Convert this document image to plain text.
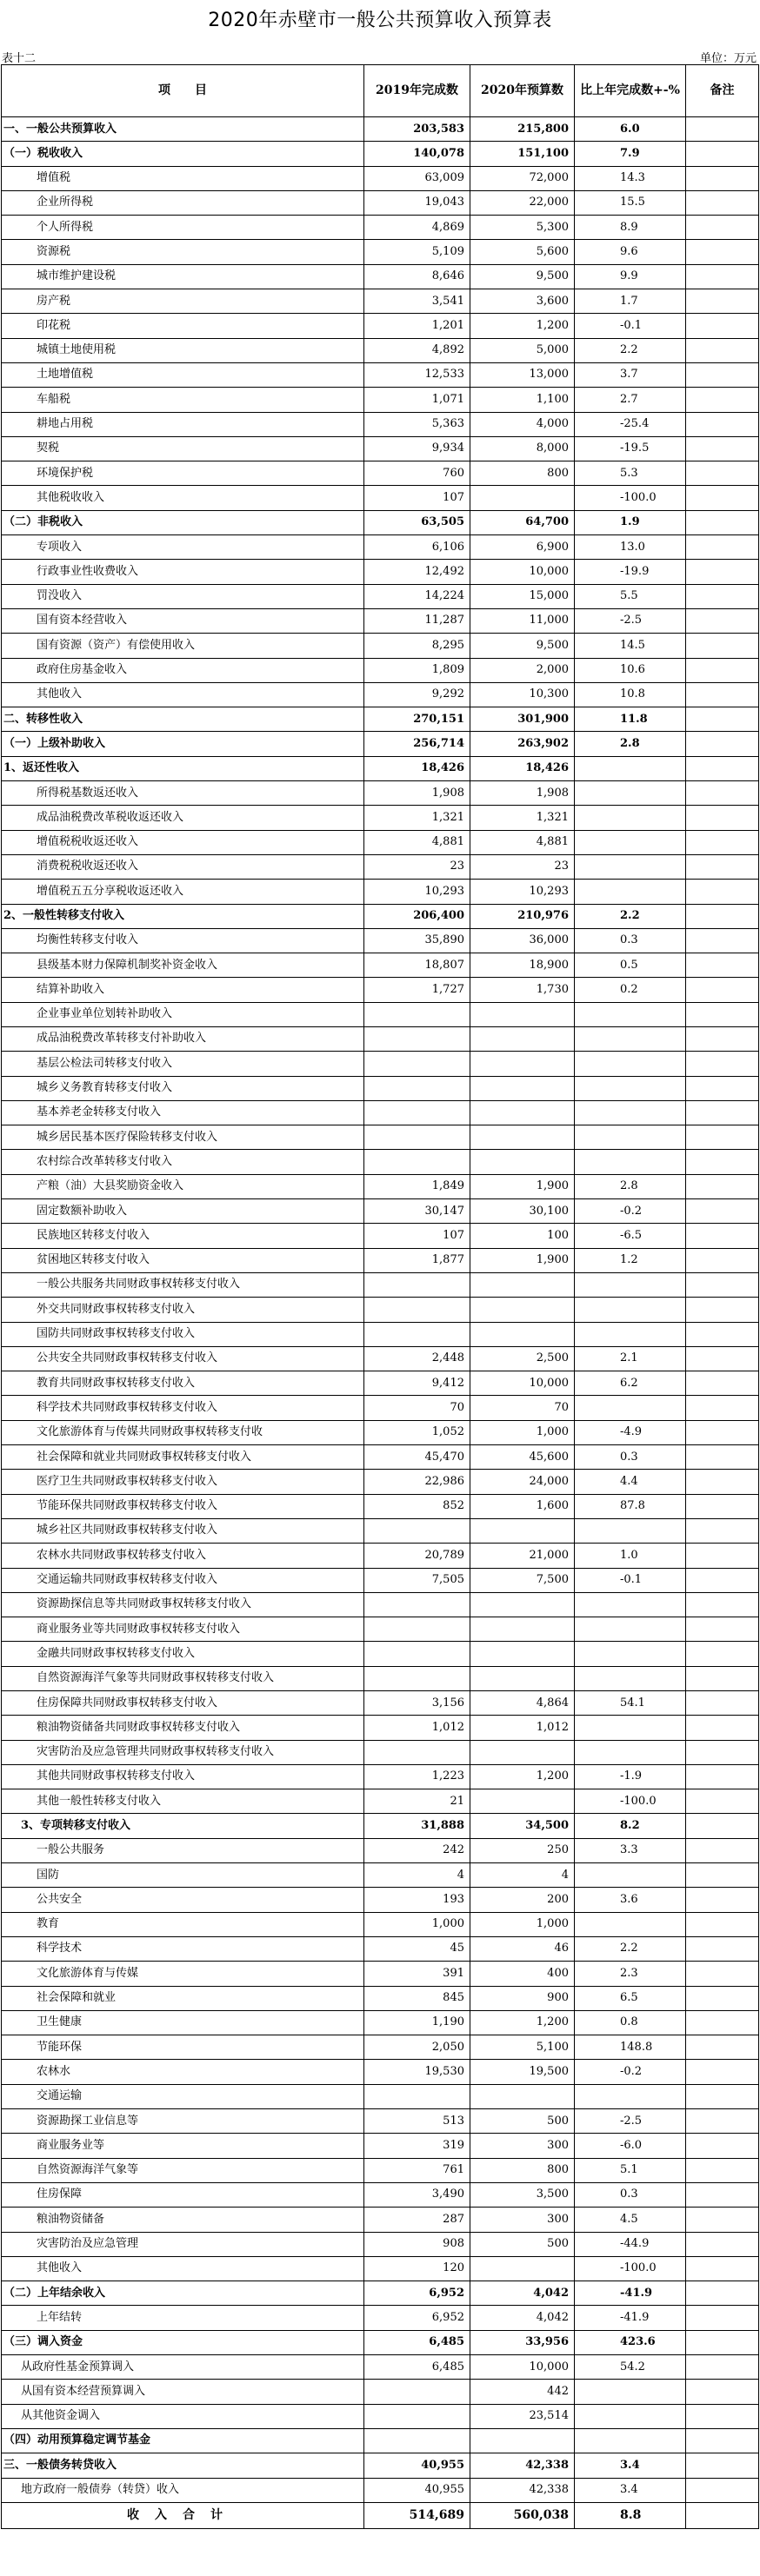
2020年赤壁市一般公共预算收入预算表
表十二	单位：万元
项目	2019年完成数	2020年预算数	比上年完成数+-%	备注
一、一般公共预算收入	203,583	215,800	6.0	
（一）税收收入	140,078	151,100	7.9	
增值税	63,009	72,000	14.3	
企业所得税	19,043	22,000	15.5	
个人所得税	4,869	5,300	8.9	
资源税	5,109	5,600	9.6	
城市维护建设税	8,646	9,500	9.9	
房产税	3,541	3,600	1.7	
印花税	1,201	1,200	-0.1	
城镇土地使用税	4,892	5,000	2.2	
土地增值税	12,533	13,000	3.7	
车船税	1,071	1,100	2.7	
耕地占用税	5,363	4,000	-25.4	
契税	9,934	8,000	-19.5	
环境保护税	760	800	5.3	
其他税收收入	107		-100.0	
（二）非税收入	63,505	64,700	1.9	
专项收入	6,106	6,900	13.0	
行政事业性收费收入	12,492	10,000	-19.9	
罚没收入	14,224	15,000	5.5	
国有资本经营收入	11,287	11,000	-2.5	
国有资源（资产）有偿使用收入	8,295	9,500	14.5	
政府住房基金收入	1,809	2,000	10.6	
其他收入	9,292	10,300	10.8	
二、转移性收入	270,151	301,900	11.8	
（一）上级补助收入	256,714	263,902	2.8	
1、返还性收入	18,426	18,426		
所得税基数返还收入	1,908	1,908		
成品油税费改革税收返还收入	1,321	1,321		
增值税税收返还收入	4,881	4,881		
消费税税收返还收入	23	23		
增值税五五分享税收返还收入	10,293	10,293		
2、一般性转移支付收入	206,400	210,976	2.2	
均衡性转移支付收入	35,890	36,000	0.3	
县级基本财力保障机制奖补资金收入	18,807	18,900	0.5	
结算补助收入	1,727	1,730	0.2	
企业事业单位划转补助收入				
成品油税费改革转移支付补助收入				
基层公检法司转移支付收入				
城乡义务教育转移支付收入				
基本养老金转移支付收入				
城乡居民基本医疗保险转移支付收入				
农村综合改革转移支付收入				
产粮（油）大县奖励资金收入	1,849	1,900	2.8	
固定数额补助收入	30,147	30,100	-0.2	
民族地区转移支付收入	107	100	-6.5	
贫困地区转移支付收入	1,877	1,900	1.2	
一般公共服务共同财政事权转移支付收入				
外交共同财政事权转移支付收入				
国防共同财政事权转移支付收入				
公共安全共同财政事权转移支付收入	2,448	2,500	2.1	
教育共同财政事权转移支付收入	9,412	10,000	6.2	
科学技术共同财政事权转移支付收入	70	70		
文化旅游体育与传媒共同财政事权转移支付收	1,052	1,000	-4.9	
社会保障和就业共同财政事权转移支付收入	45,470	45,600	0.3	
医疗卫生共同财政事权转移支付收入	22,986	24,000	4.4	
节能环保共同财政事权转移支付收入	852	1,600	87.8	
城乡社区共同财政事权转移支付收入				
农林水共同财政事权转移支付收入	20,789	21,000	1.0	
交通运输共同财政事权转移支付收入	7,505	7,500	-0.1	
资源勘探信息等共同财政事权转移支付收入				
商业服务业等共同财政事权转移支付收入				
金融共同财政事权转移支付收入				
自然资源海洋气象等共同财政事权转移支付收入				
住房保障共同财政事权转移支付收入	3,156	4,864	54.1	
粮油物资储备共同财政事权转移支付收入	1,012	1,012		
灾害防治及应急管理共同财政事权转移支付收入				
其他共同财政事权转移支付收入	1,223	1,200	-1.9	
其他一般性转移支付收入	21		-100.0	
3、专项转移支付收入	31,888	34,500	8.2	
一般公共服务	242	250	3.3	
国防	4	4		
公共安全	193	200	3.6	
教育	1,000	1,000		
科学技术	45	46	2.2	
文化旅游体育与传媒	391	400	2.3	
社会保障和就业	845	900	6.5	
卫生健康	1,190	1,200	0.8	
节能环保	2,050	5,100	148.8	
农林水	19,530	19,500	-0.2	
交通运输				
资源勘探工业信息等	513	500	-2.5	
商业服务业等	319	300	-6.0	
自然资源海洋气象等	761	800	5.1	
住房保障	3,490	3,500	0.3	
粮油物资储备	287	300	4.5	
灾害防治及应急管理	908	500	-44.9	
其他收入	120		-100.0	
（二）上年结余收入	6,952	4,042	-41.9	
上年结转	6,952	4,042	-41.9	
（三）调入资金	6,485	33,956	423.6	
从政府性基金预算调入	6,485	10,000	54.2	
从国有资本经营预算调入		442		
从其他资金调入		23,514		
（四）动用预算稳定调节基金				
三、一般债务转贷收入	40,955	42,338	3.4	
地方政府一般债券（转贷）收入	40,955	42,338	3.4	
收入合计	514,689	560,038	8.8	
